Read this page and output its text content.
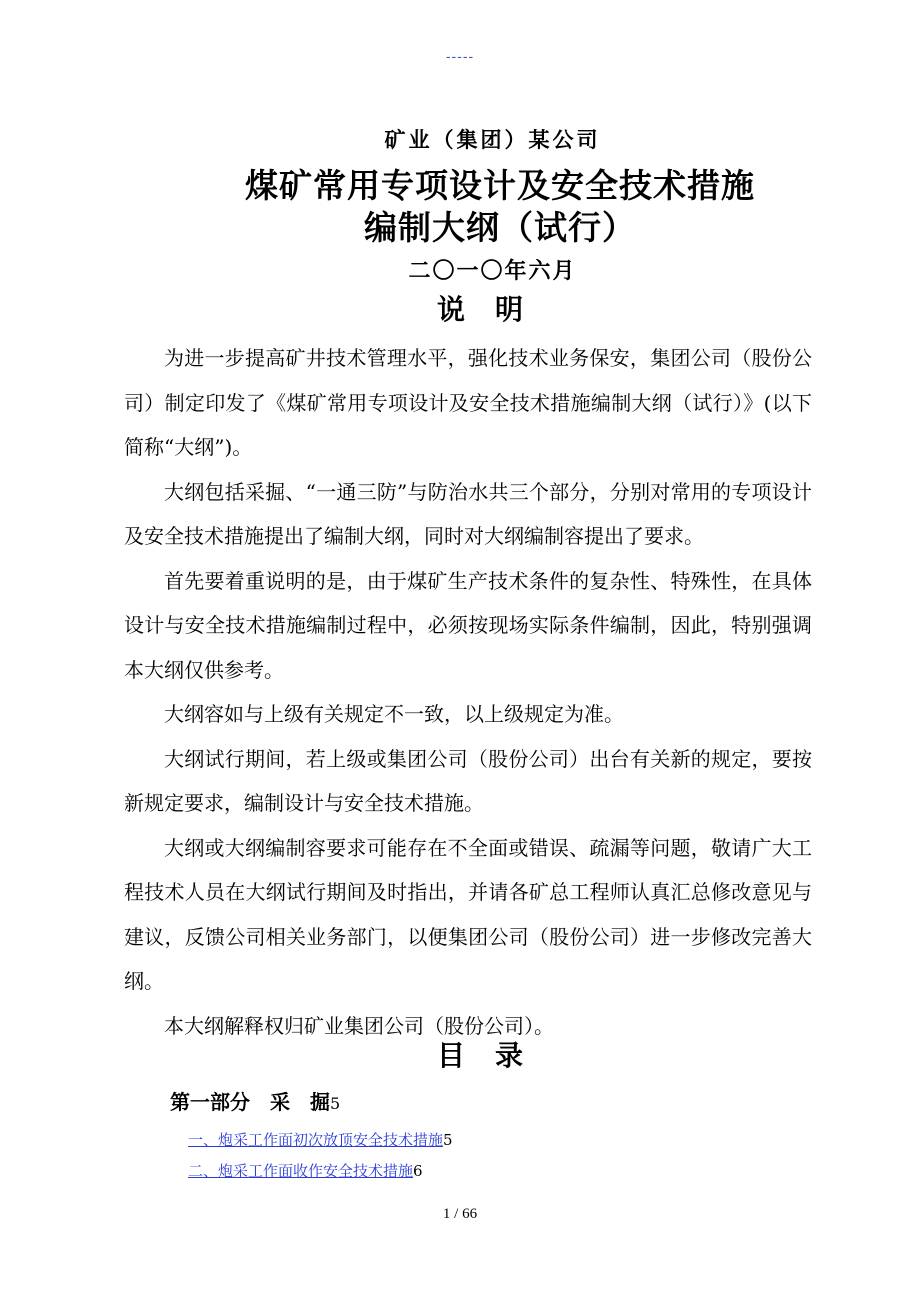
-----
矿业（集团）某公司
煤矿常用专项设计及安全技术措施
编制大纲（试行）
二〇一〇年六月
说明

为进一步提高矿井技术管理水平，强化技术业务保安，集团公司（股份公司）制定印发了《煤矿常用专项设计及安全技术措施编制大纲（试行）》(以下简称“大纲”)。

大纲包括采掘、“一通三防”与防治水共三个部分，分别对常用的专项设计及安全技术措施提出了编制大纲，同时对大纲编制容提出了要求。

首先要着重说明的是，由于煤矿生产技术条件的复杂性、特殊性，在具体设计与安全技术措施编制过程中，必须按现场实际条件编制，因此，特别强调本大纲仅供参考。

大纲容如与上级有关规定不一致，以上级规定为准。

大纲试行期间，若上级或集团公司（股份公司）出台有关新的规定，要按新规定要求，编制设计与安全技术措施。

大纲或大纲编制容要求可能存在不全面或错误、疏漏等问题，敬请广大工程技术人员在大纲试行期间及时指出，并请各矿总工程师认真汇总修改意见与建议，反馈公司相关业务部门，以便集团公司（股份公司）进一步修改完善大纲。

本大纲解释权归矿业集团公司（股份公司）。

目录
第一部分　采　掘5
一、炮采工作面初次放顶安全技术措施5
二、炮采工作面收作安全技术措施6
1 / 66
